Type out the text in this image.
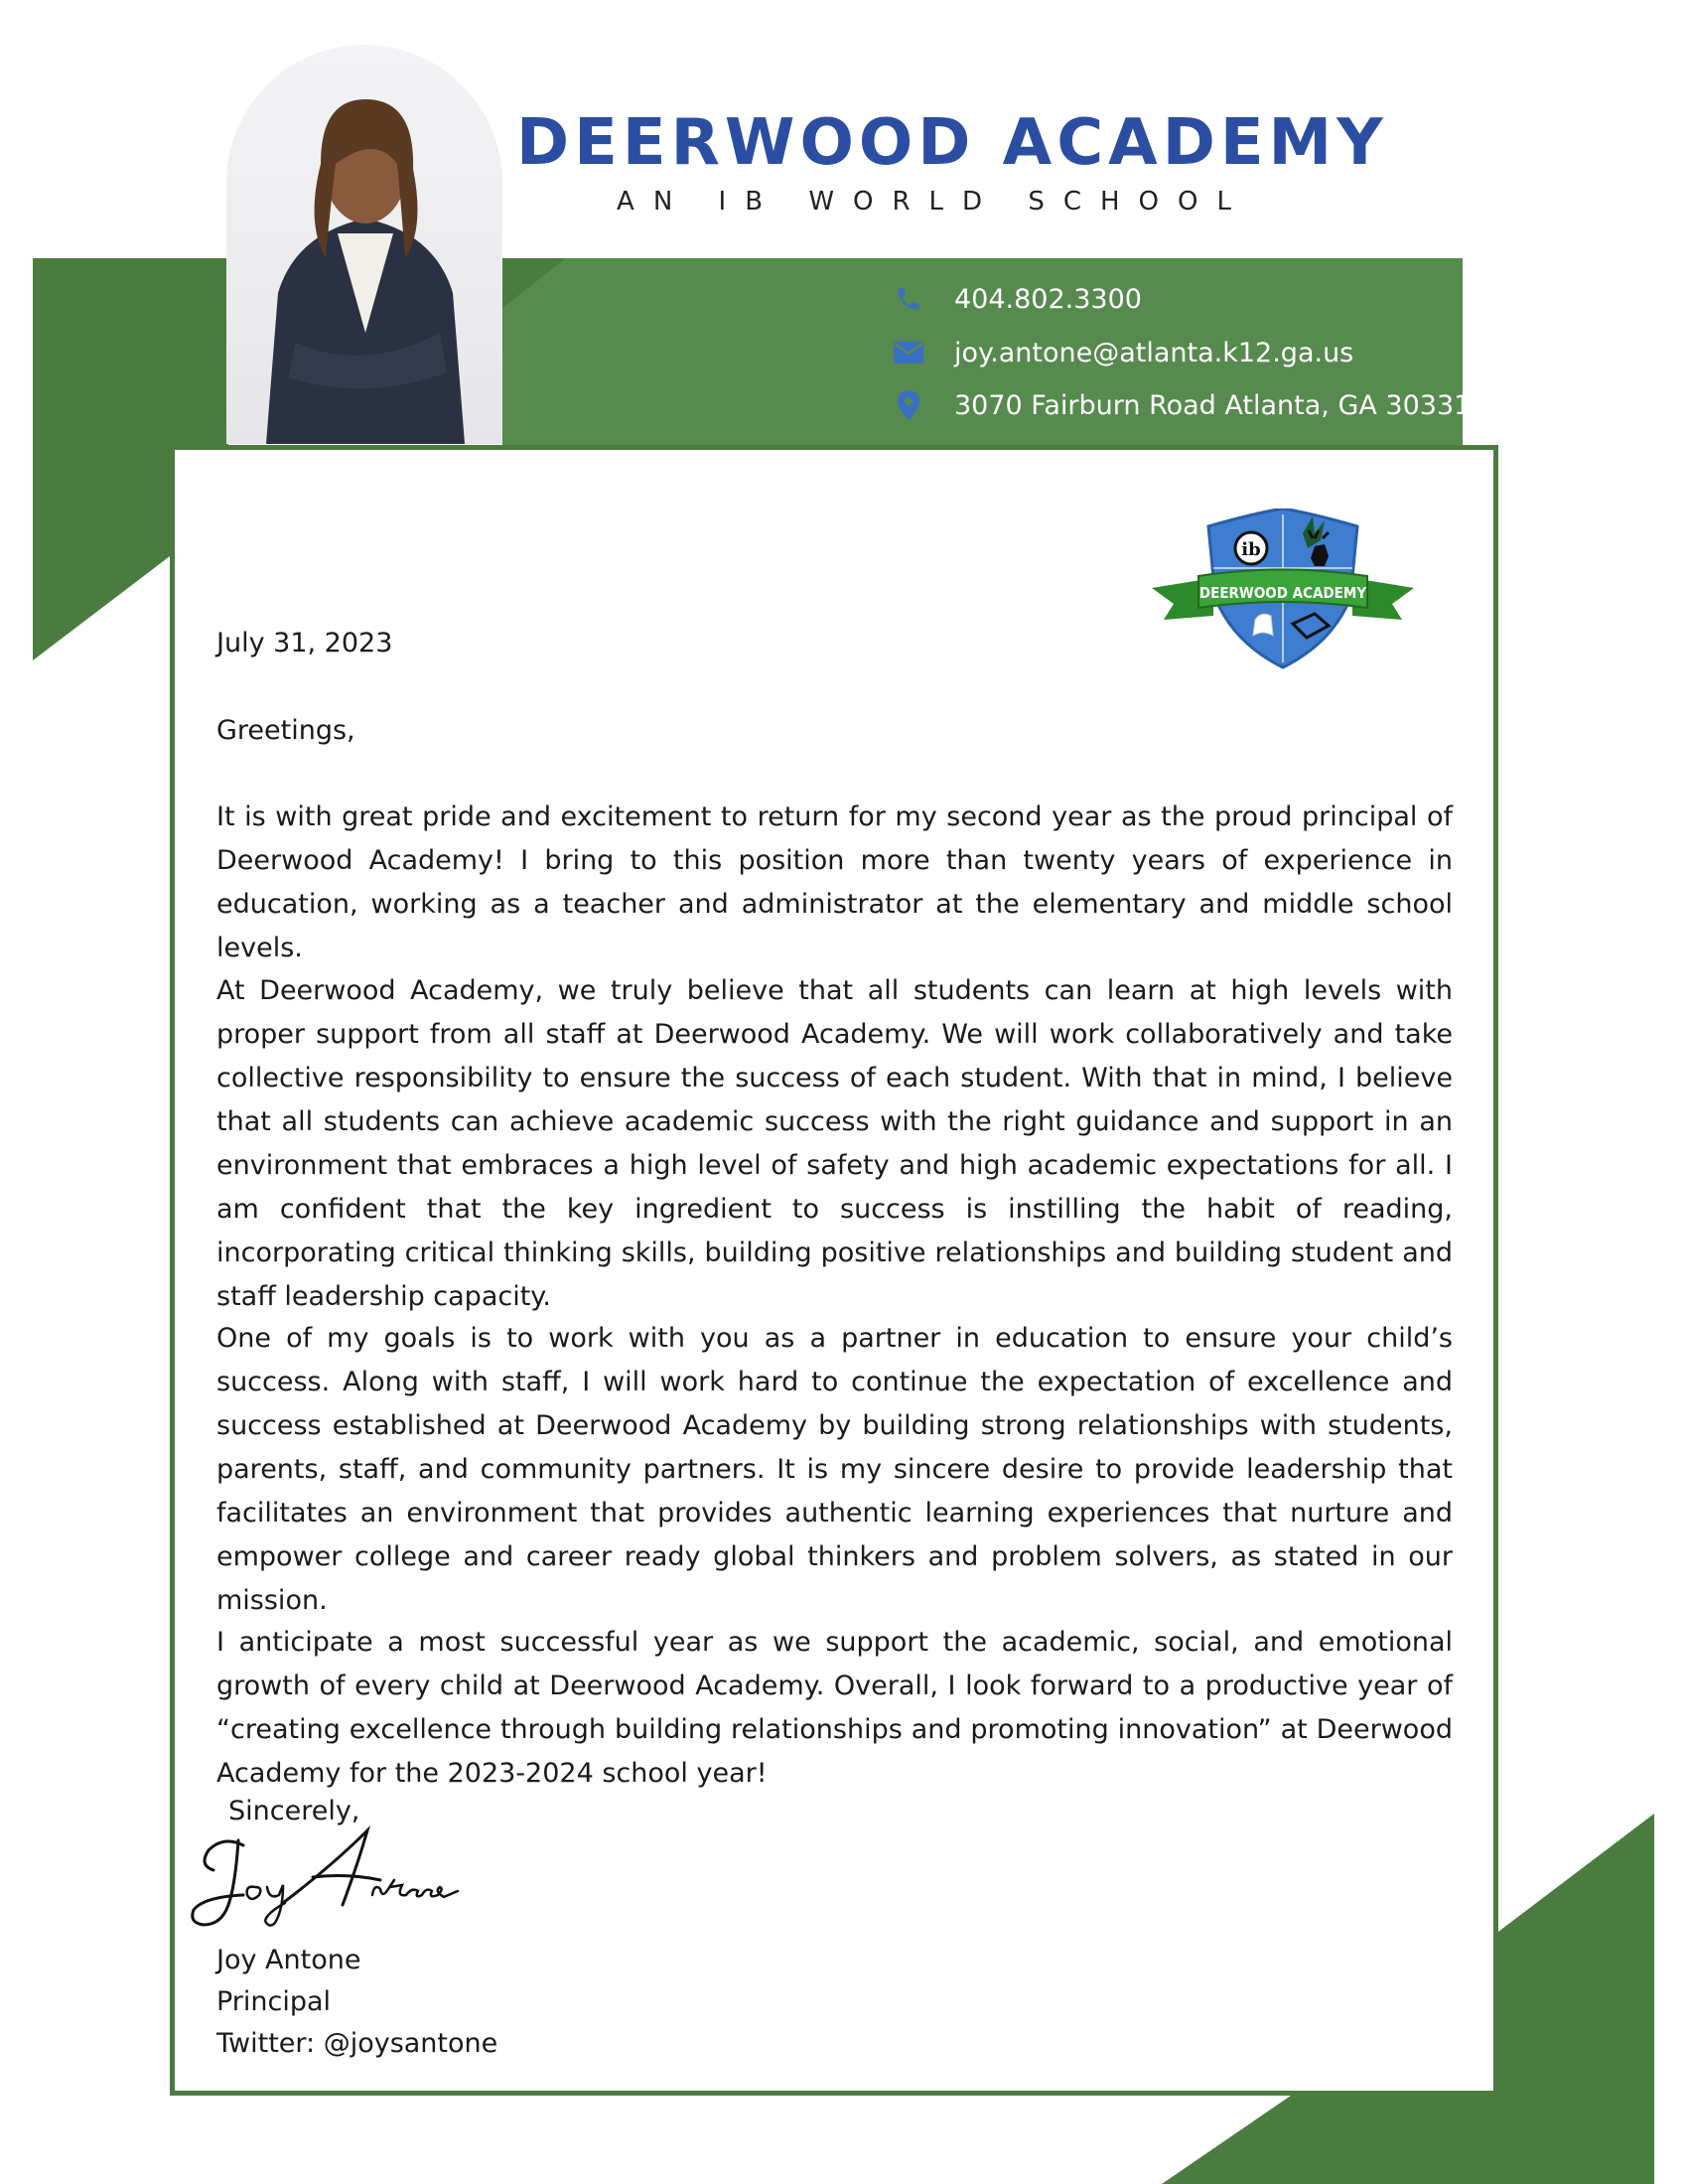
DEERWOOD ACADEMY
AN IB WORLD SCHOOL
404.802.3300
joy.antone@atlanta.k12.ga.us
3070 Fairburn Road Atlanta, GA 30331
ib
DEERWOOD ACADEMY
July 31, 2023
Greetings,

It is with great pride and excitement to return for my second year as the proud principal of Deerwood Academy! I bring to this position more than twenty years of experience in education, working as a teacher and administrator at the elementary and middle school levels.

At Deerwood Academy, we truly believe that all students can learn at high levels with proper support from all staff at Deerwood Academy. We will work collaboratively and take collective responsibility to ensure the success of each student. With that in mind, I believe that all students can achieve academic success with the right guidance and support in an environment that embraces a high level of safety and high academic expectations for all. I am confident that the key ingredient to success is instilling the habit of reading, incorporating critical thinking skills, building positive relationships and building student and staff leadership capacity.

One of my goals is to work with you as a partner in education to ensure your child’s success. Along with staff, I will work hard to continue the expectation of excellence and success established at Deerwood Academy by building strong relationships with students, parents, staff, and community partners. It is my sincere desire to provide leadership that facilitates an environment that provides authentic learning experiences that nurture and empower college and career ready global thinkers and problem solvers, as stated in our mission.

I anticipate a most successful year as we support the academic, social, and emotional growth of every child at Deerwood Academy. Overall, I look forward to a productive year of “creating excellence through building relationships and promoting innovation” at Deerwood Academy for the 2023-2024 school year!

Sincerely,
Joy Antone
Principal
Twitter: @joysantone
